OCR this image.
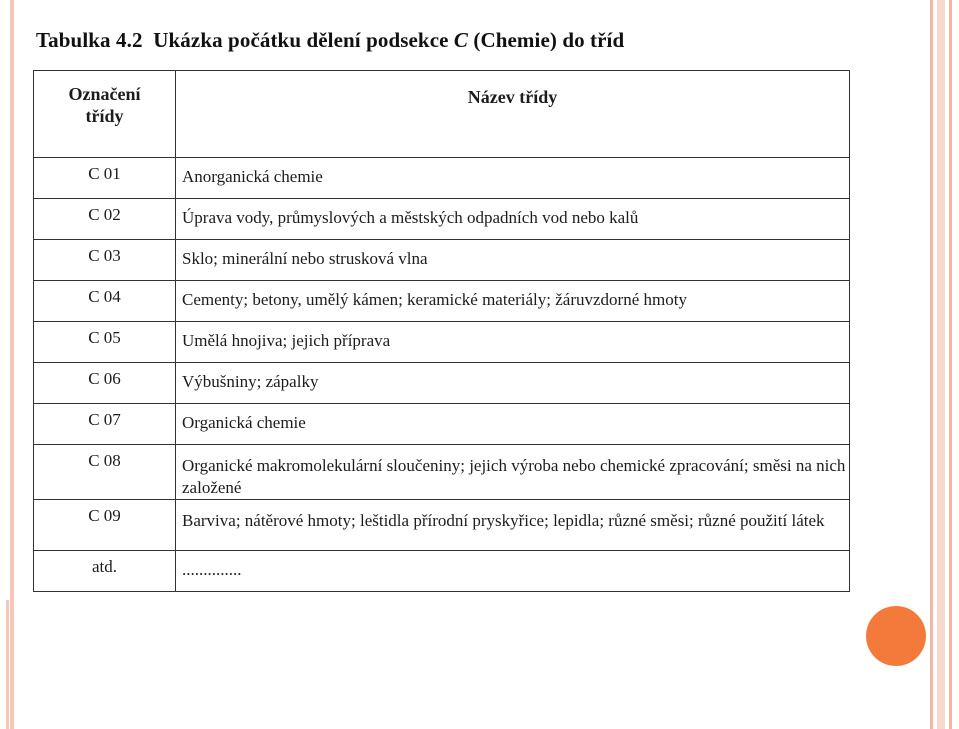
Tabulka 4.2 Ukázka počátku dělení podsekce C (Chemie) do tříd
Označení
třídy	Název třídy
C 01	Anorganická chemie
C 02	Úprava vody, průmyslových a městských odpadních vod nebo kalů
C 03	Sklo; minerální nebo strusková vlna
C 04	Cementy; betony, umělý kámen; keramické materiály; žáruvzdorné hmoty
C 05	Umělá hnojiva; jejich příprava
C 06	Výbušniny; zápalky
C 07	Organická chemie
C 08	Organické makromolekulární sloučeniny; jejich výroba nebo chemické zpracování; směsi na nich založené
C 09	Barviva; nátěrové hmoty; leštidla přírodní pryskyřice; lepidla; různé směsi; různé použití látek
atd.	..............
